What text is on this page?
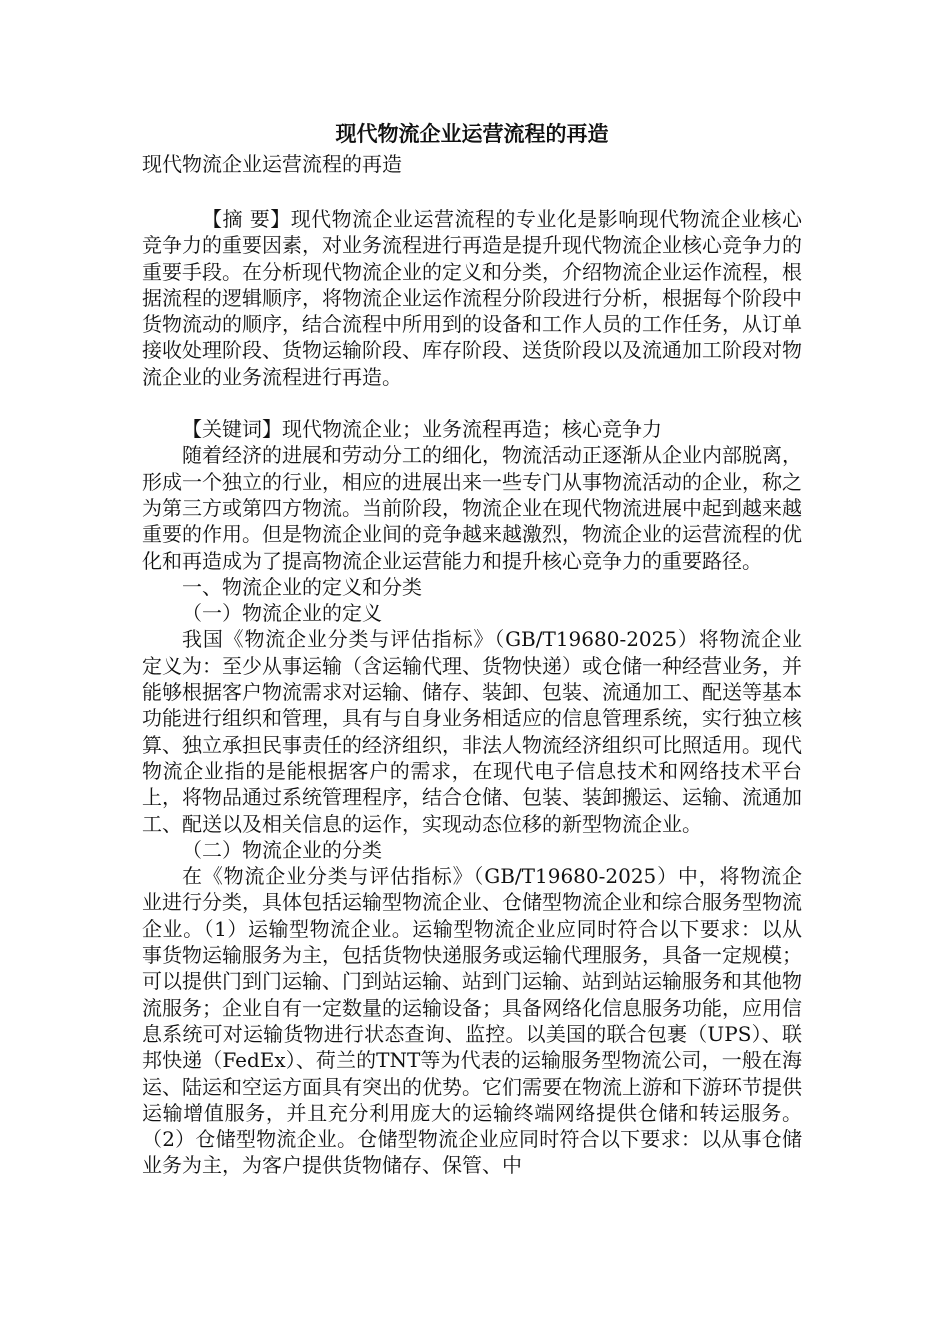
现代物流企业运营流程的再造

现代物流企业运营流程的再造

【摘 要】现代物流企业运营流程的专业化是影响现代物流企业核心竞争力的重要因素，对业务流程进行再造是提升现代物流企业核心竞争力的重要手段。在分析现代物流企业的定义和分类，介绍物流企业运作流程，根据流程的逻辑顺序，将物流企业运作流程分阶段进行分析，根据每个阶段中货物流动的顺序，结合流程中所用到的设备和工作人员的工作任务，从订单接收处理阶段、货物运输阶段、库存阶段、送货阶段以及流通加工阶段对物流企业的业务流程进行再造。

【关键词】现代物流企业；业务流程再造；核心竞争力

随着经济的进展和劳动分工的细化，物流活动正逐渐从企业内部脱离，形成一个独立的行业，相应的进展出来一些专门从事物流活动的企业，称之为第三方或第四方物流。当前阶段，物流企业在现代物流进展中起到越来越重要的作用。但是物流企业间的竞争越来越激烈，物流企业的运营流程的优化和再造成为了提高物流企业运营能力和提升核心竞争力的重要路径。

一、物流企业的定义和分类

（一）物流企业的定义

我国《物流企业分类与评估指标》（GB/T19680-2025）将物流企业定义为：至少从事运输（含运输代理、货物快递）或仓储一种经营业务，并能够根据客户物流需求对运输、储存、装卸、包装、流通加工、配送等基本功能进行组织和管理，具有与自身业务相适应的信息管理系统，实行独立核算、独立承担民事责任的经济组织，非法人物流经济组织可比照适用。现代物流企业指的是能根据客户的需求，在现代电子信息技术和网络技术平台上，将物品通过系统管理程序，结合仓储、包装、装卸搬运、运输、流通加工、配送以及相关信息的运作，实现动态位移的新型物流企业。

（二）物流企业的分类

在《物流企业分类与评估指标》（GB/T19680-2025）中，将物流企业进行分类，具体包括运输型物流企业、仓储型物流企业和综合服务型物流企业。（1）运输型物流企业。运输型物流企业应同时符合以下要求：以从事货物运输服务为主，包括货物快递服务或运输代理服务，具备一定规模；可以提供门到门运输、门到站运输、站到门运输、站到站运输服务和其他物流服务；企业自有一定数量的运输设备；具备网络化信息服务功能，应用信息系统可对运输货物进行状态查询、监控。以美国的联合包裹（UPS）、联邦快递（FedEx）、荷兰的TNT等为代表的运输服务型物流公司，一般在海运、陆运和空运方面具有突出的优势。它们需要在物流上游和下游环节提供运输增值服务，并且充分利用庞大的运输终端网络提供仓储和转运服务。（2）仓储型物流企业。仓储型物流企业应同时符合以下要求：以从事仓储业务为主，为客户提供货物储存、保管、中
